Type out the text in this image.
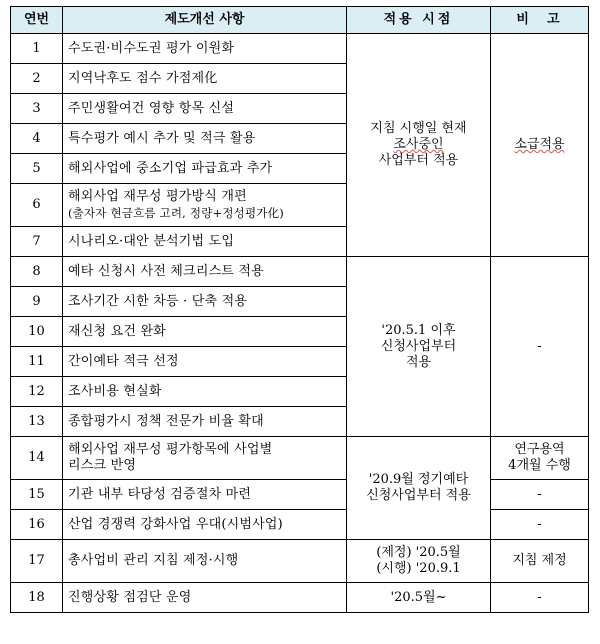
연번	제도개선 사항	적용 시점	비  고
1	수도권·비수도권 평가 이원화	지침 시행일 현재
조사중인
사업부터 적용	소급적용
2	지역낙후도 점수 가점제化		
3	주민생활여건 영향 항목 신설		
4	특수평가 예시 추가 및 적극 활용		
5	해외사업에 중소기업 파급효과 추가		
6	해외사업 재무성 평가방식 개편
(출자자 현금흐름 고려, 정량+정성평가化)		

7	시나리오·대안 분석기법 도입		
8	예타 신청시 사전 체크리스트 적용	'20.5.1 이후
신청사업부터
적용	-
9	조사기간 시한 차등 · 단축 적용		
10	재신청 요건 완화		
11	간이예타 적극 선정		
12	조사비용 현실화		
13	종합평가시 정책 전문가 비율 확대		
14	해외사업 재무성 평가항목에 사업별
리스크 반영	'20.9월 정기예타
신청사업부터 적용	연구용역
4개월 수행

15	기관 내부 타당성 검증절차 마련		-
16	산업 경쟁력 강화사업 우대(시범사업)		-
17	총사업비 관리 지침 제정·시행	(제정) '20.5월
(시행) '20.9.1	지침 제정
18	진행상황 점검단 운영	'20.5월~	-
